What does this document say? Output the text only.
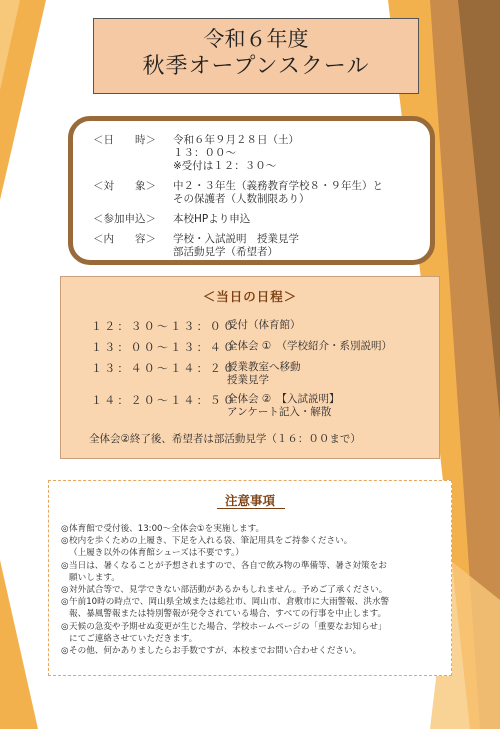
令和６年度
秋季オープンスクール
＜日　　時＞	令和６年９月２８日（土）
１３：００～
※受付は１２：３０～
＜対　　象＞	中２・３年生（義務教育学校８・９年生）と
その保護者（人数制限あり）
＜参加申込＞	本校HPより申込
＜内　　容＞	学校・入試説明　授業見学
部活動見学（希望者）
＜当日の日程＞
１２：３０～１３：００
受付（体育館）
１３：００～１３：４０
全体会 ①　（学校紹介・系別説明）
１３：４０～１４：２０
授業教室へ移動
授業見学
１４：２０～１４：５０
全体会 ②　【入試説明】
アンケート記入・解散
全体会②終了後、希望者は部活動見学（１６：００まで）
注意事項
◎ 体育館で受付後、13:00～全体会①を実施します。
◎ 校内を歩くための上履き、下足を入れる袋、筆記用具をご持参ください。
（上履き以外の体育館シューズは不要です。）
◎ 当日は、暑くなることが予想されますので、各自で飲み物の準備等、暑さ対策をお
願いします。
◎ 対外試合等で、見学できない部活動があるかもしれません。予めご了承ください。
◎ 午前10時の時点で、岡山県全域または総社市、岡山市、倉敷市に大雨警報、洪水警
報、暴風警報または特別警報が発令されている場合、すべての行事を中止します。
◎ 天候の急変や予期せぬ変更が生じた場合、学校ホームページの「重要なお知らせ」
にてご連絡させていただきます。
◎ その他、何かありましたらお手数ですが、本校までお問い合わせください。
